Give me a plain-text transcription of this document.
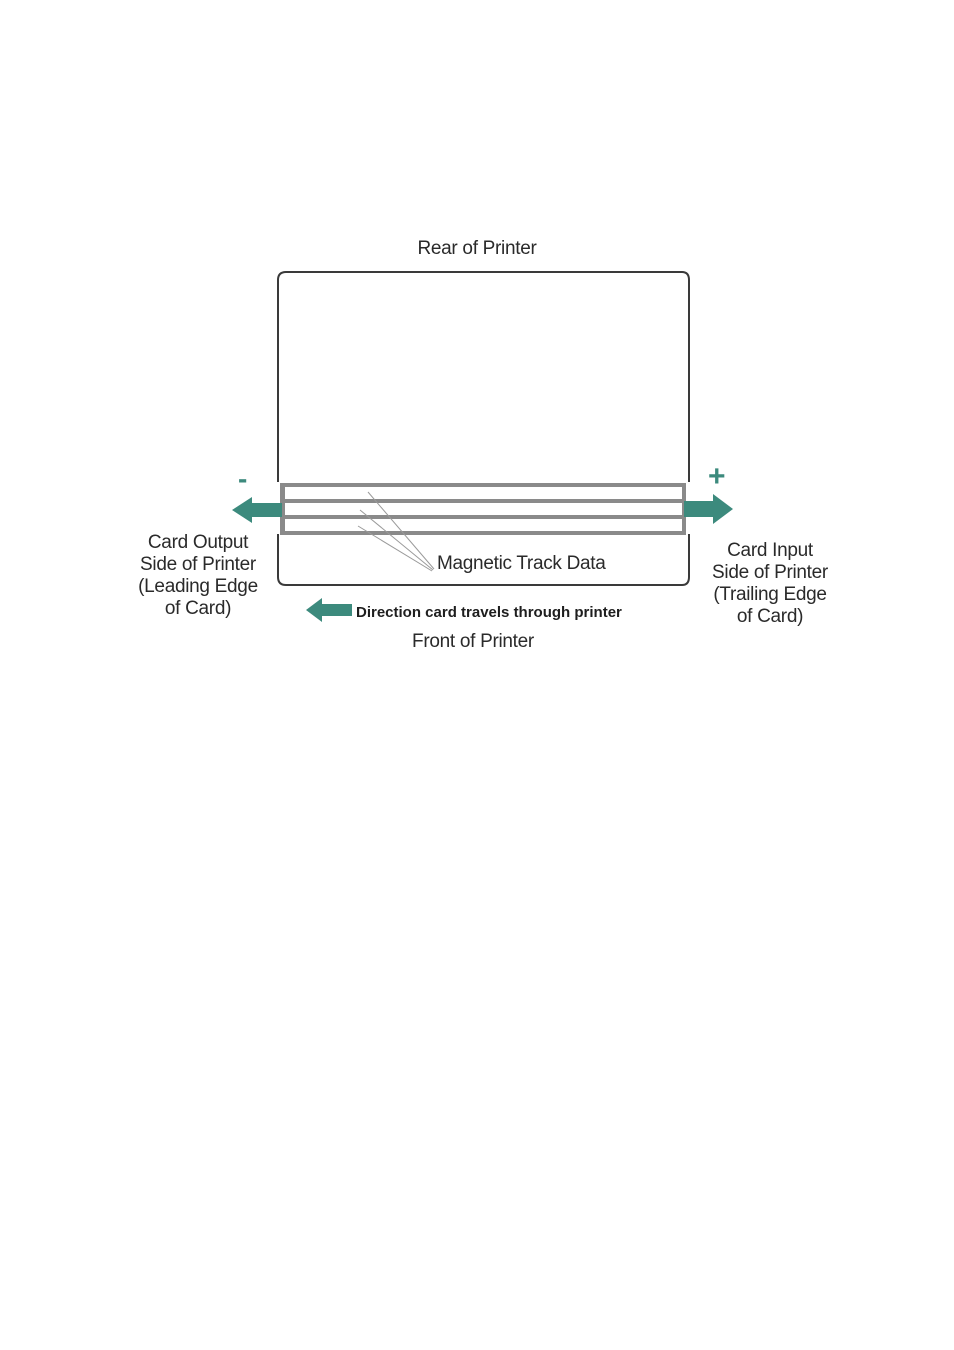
Rear of Printer
-	+
Card Output
Side of Printer
(Leading Edge
of Card)
Card Input
Side of Printer
(Trailing Edge
of Card)
Magnetic Track Data
Direction card travels through printer
Front of Printer
